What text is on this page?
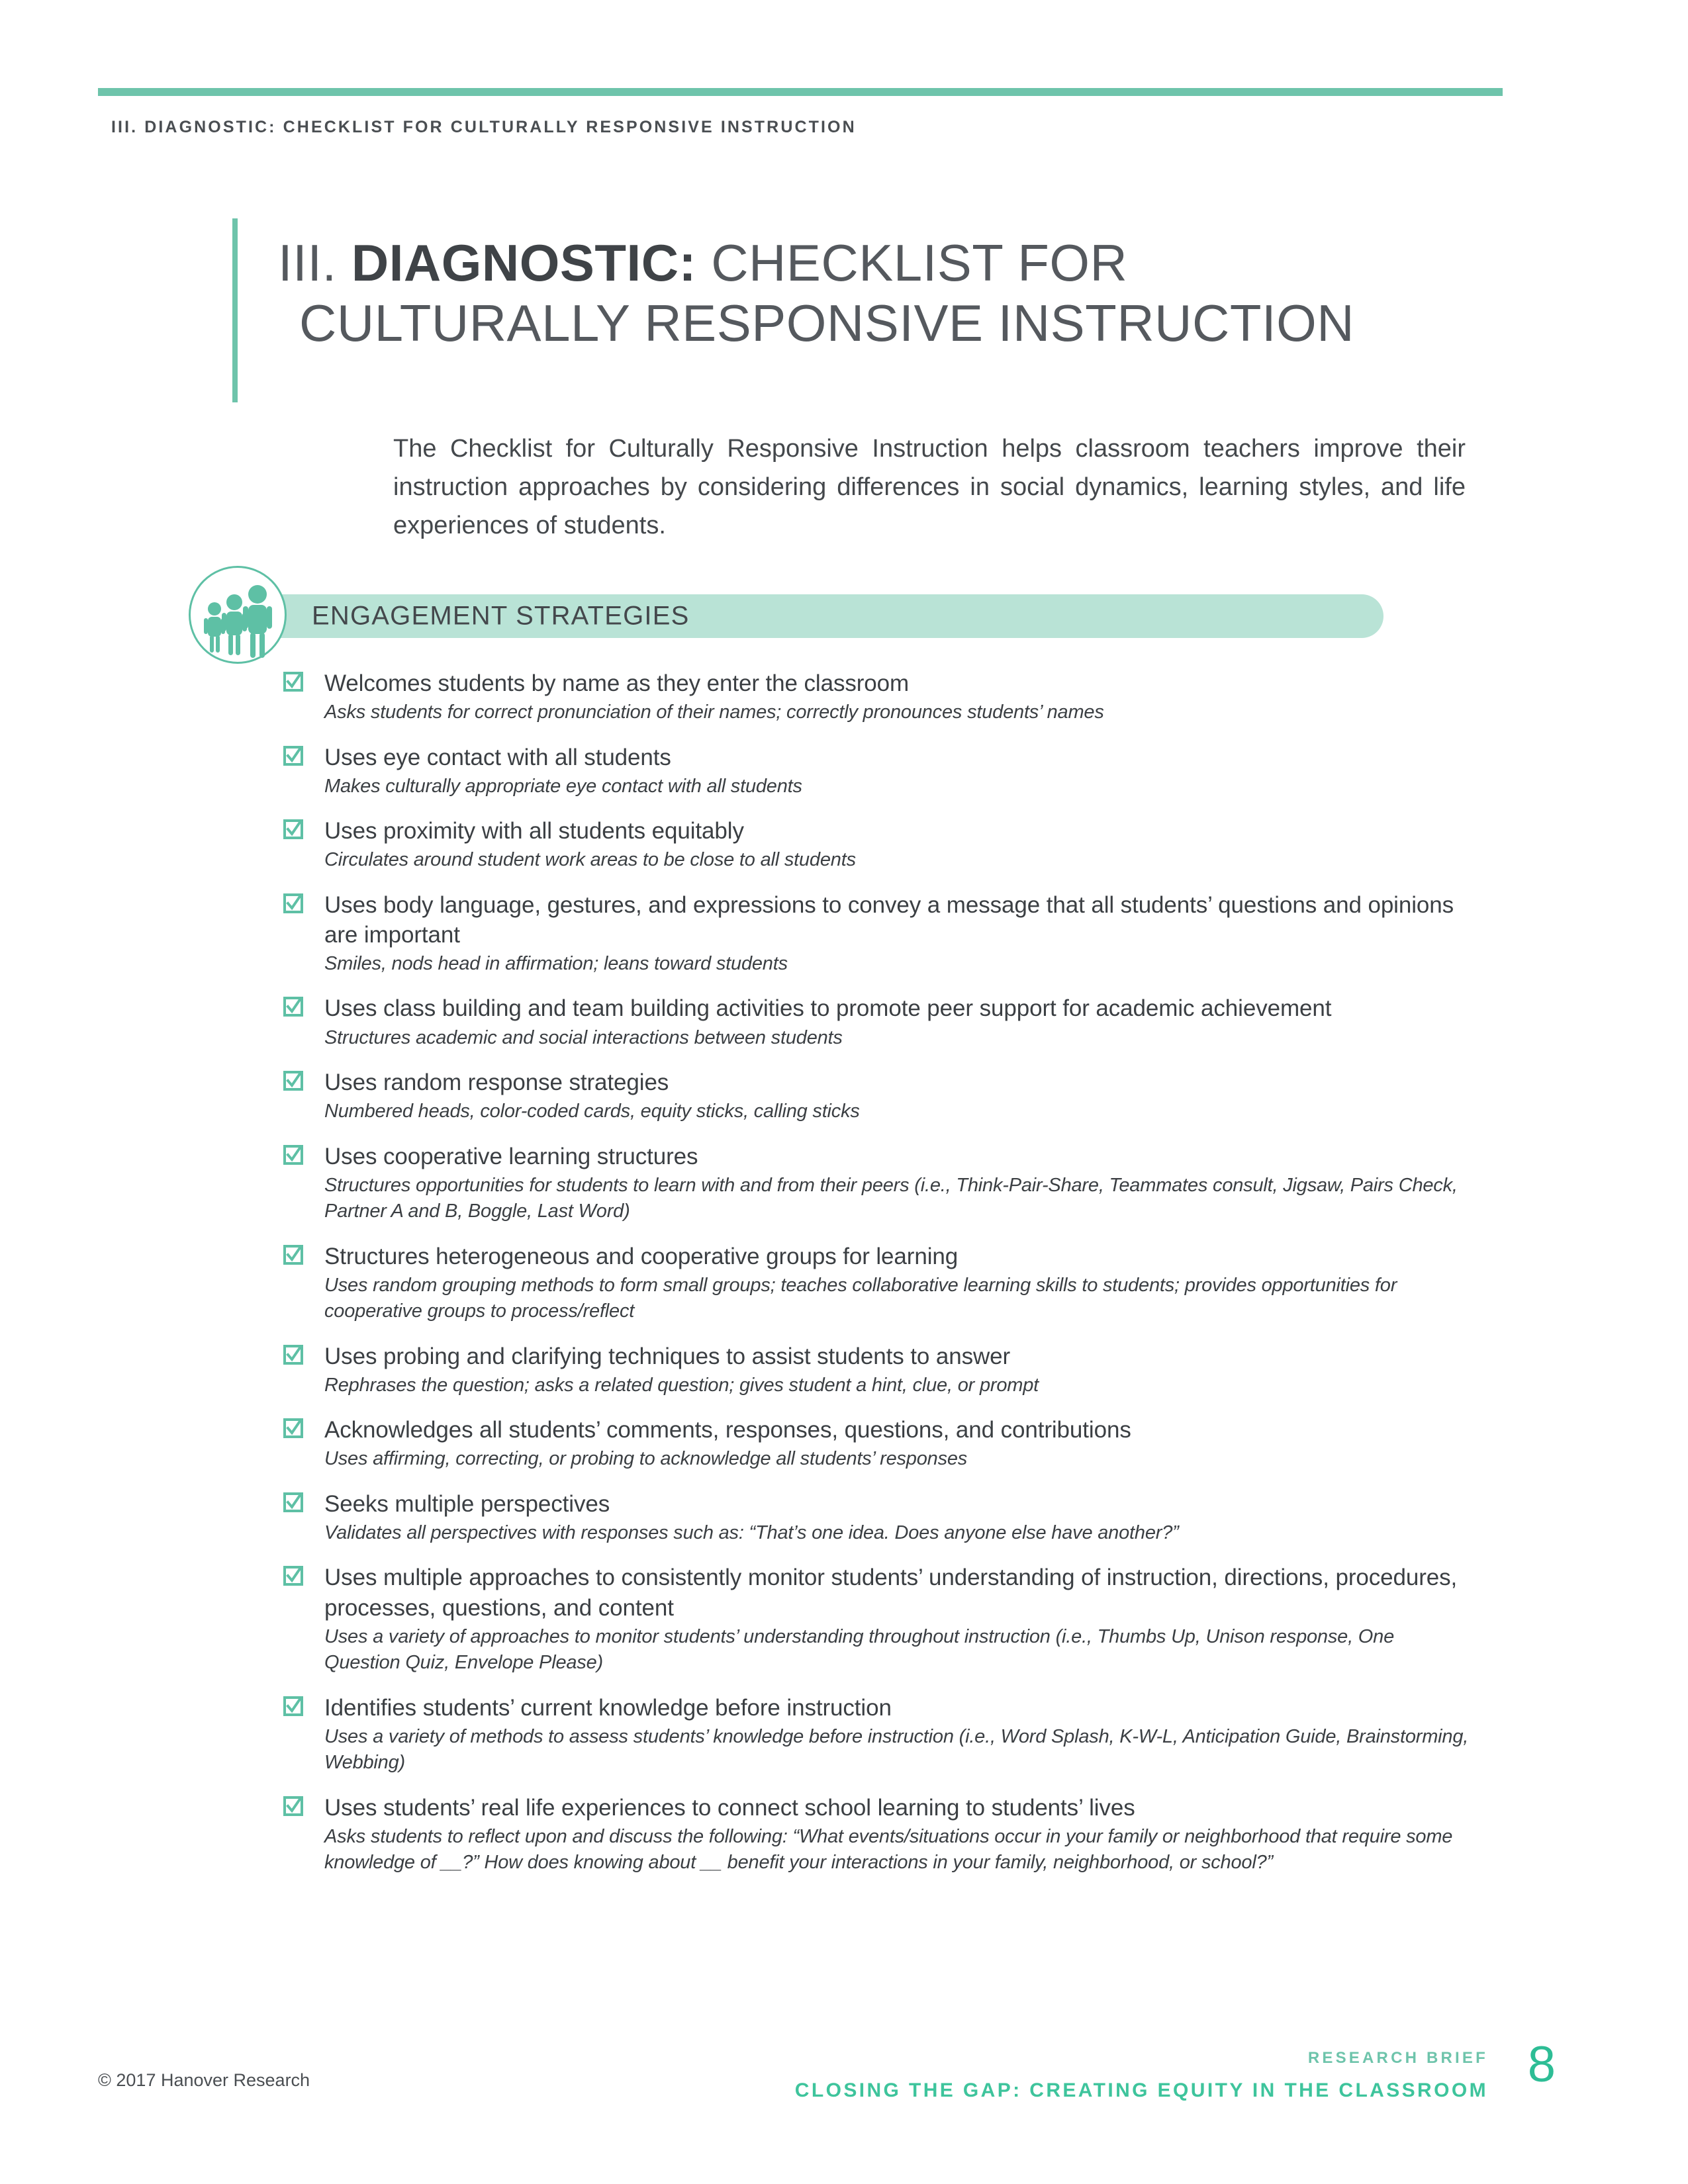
III. DIAGNOSTIC: CHECKLIST FOR CULTURALLY RESPONSIVE INSTRUCTION
III. DIAGNOSTIC: CHECKLIST FOR
CULTURALLY RESPONSIVE INSTRUCTION
The Checklist for Culturally Responsive Instruction helps classroom teachers improve their instruction approaches by considering differences in social dynamics, learning styles, and life experiences of students.
ENGAGEMENT STRATEGIES
Welcomes students by name as they enter the classroom
Asks students for correct pronunciation of their names; correctly pronounces students’ names
Uses eye contact with all students
Makes culturally appropriate eye contact with all students
Uses proximity with all students equitably
Circulates around student work areas to be close to all students
Uses body language, gestures, and expressions to convey a message that all students’ questions and opinions are important
Smiles, nods head in affirmation; leans toward students
Uses class building and team building activities to promote peer support for academic achievement
Structures academic and social interactions between students
Uses random response strategies
Numbered heads, color-coded cards, equity sticks, calling sticks
Uses cooperative learning structures
Structures opportunities for students to learn with and from their peers (i.e., Think-Pair-Share, Teammates consult, Jigsaw, Pairs Check, Partner A and B, Boggle, Last Word)
Structures heterogeneous and cooperative groups for learning
Uses random grouping methods to form small groups; teaches collaborative learning skills to students; provides opportunities for cooperative groups to process/reflect
Uses probing and clarifying techniques to assist students to answer
Rephrases the question; asks a related question; gives student a hint, clue, or prompt
Acknowledges all students’ comments, responses, questions, and contributions
Uses affirming, correcting, or probing to acknowledge all students’ responses
Seeks multiple perspectives
Validates all perspectives with responses such as: “That’s one idea. Does anyone else have another?”
Uses multiple approaches to consistently monitor students’ understanding of instruction, directions, procedures, processes, questions, and content
Uses a variety of approaches to monitor students’ understanding throughout instruction (i.e., Thumbs Up, Unison response, One Question Quiz, Envelope Please)
Identifies students’ current knowledge before instruction
Uses a variety of methods to assess students’ knowledge before instruction (i.e., Word Splash, K-W-L, Anticipation Guide, Brainstorming, Webbing)
Uses students’ real life experiences to connect school learning to students’ lives
Asks students to reflect upon and discuss the following: “What events/situations occur in your family or neighborhood that require some knowledge of __?” How does knowing about __ benefit your interactions in your family, neighborhood, or school?”
© 2017 Hanover Research
RESEARCH BRIEF
CLOSING THE GAP: CREATING EQUITY IN THE CLASSROOM 8
